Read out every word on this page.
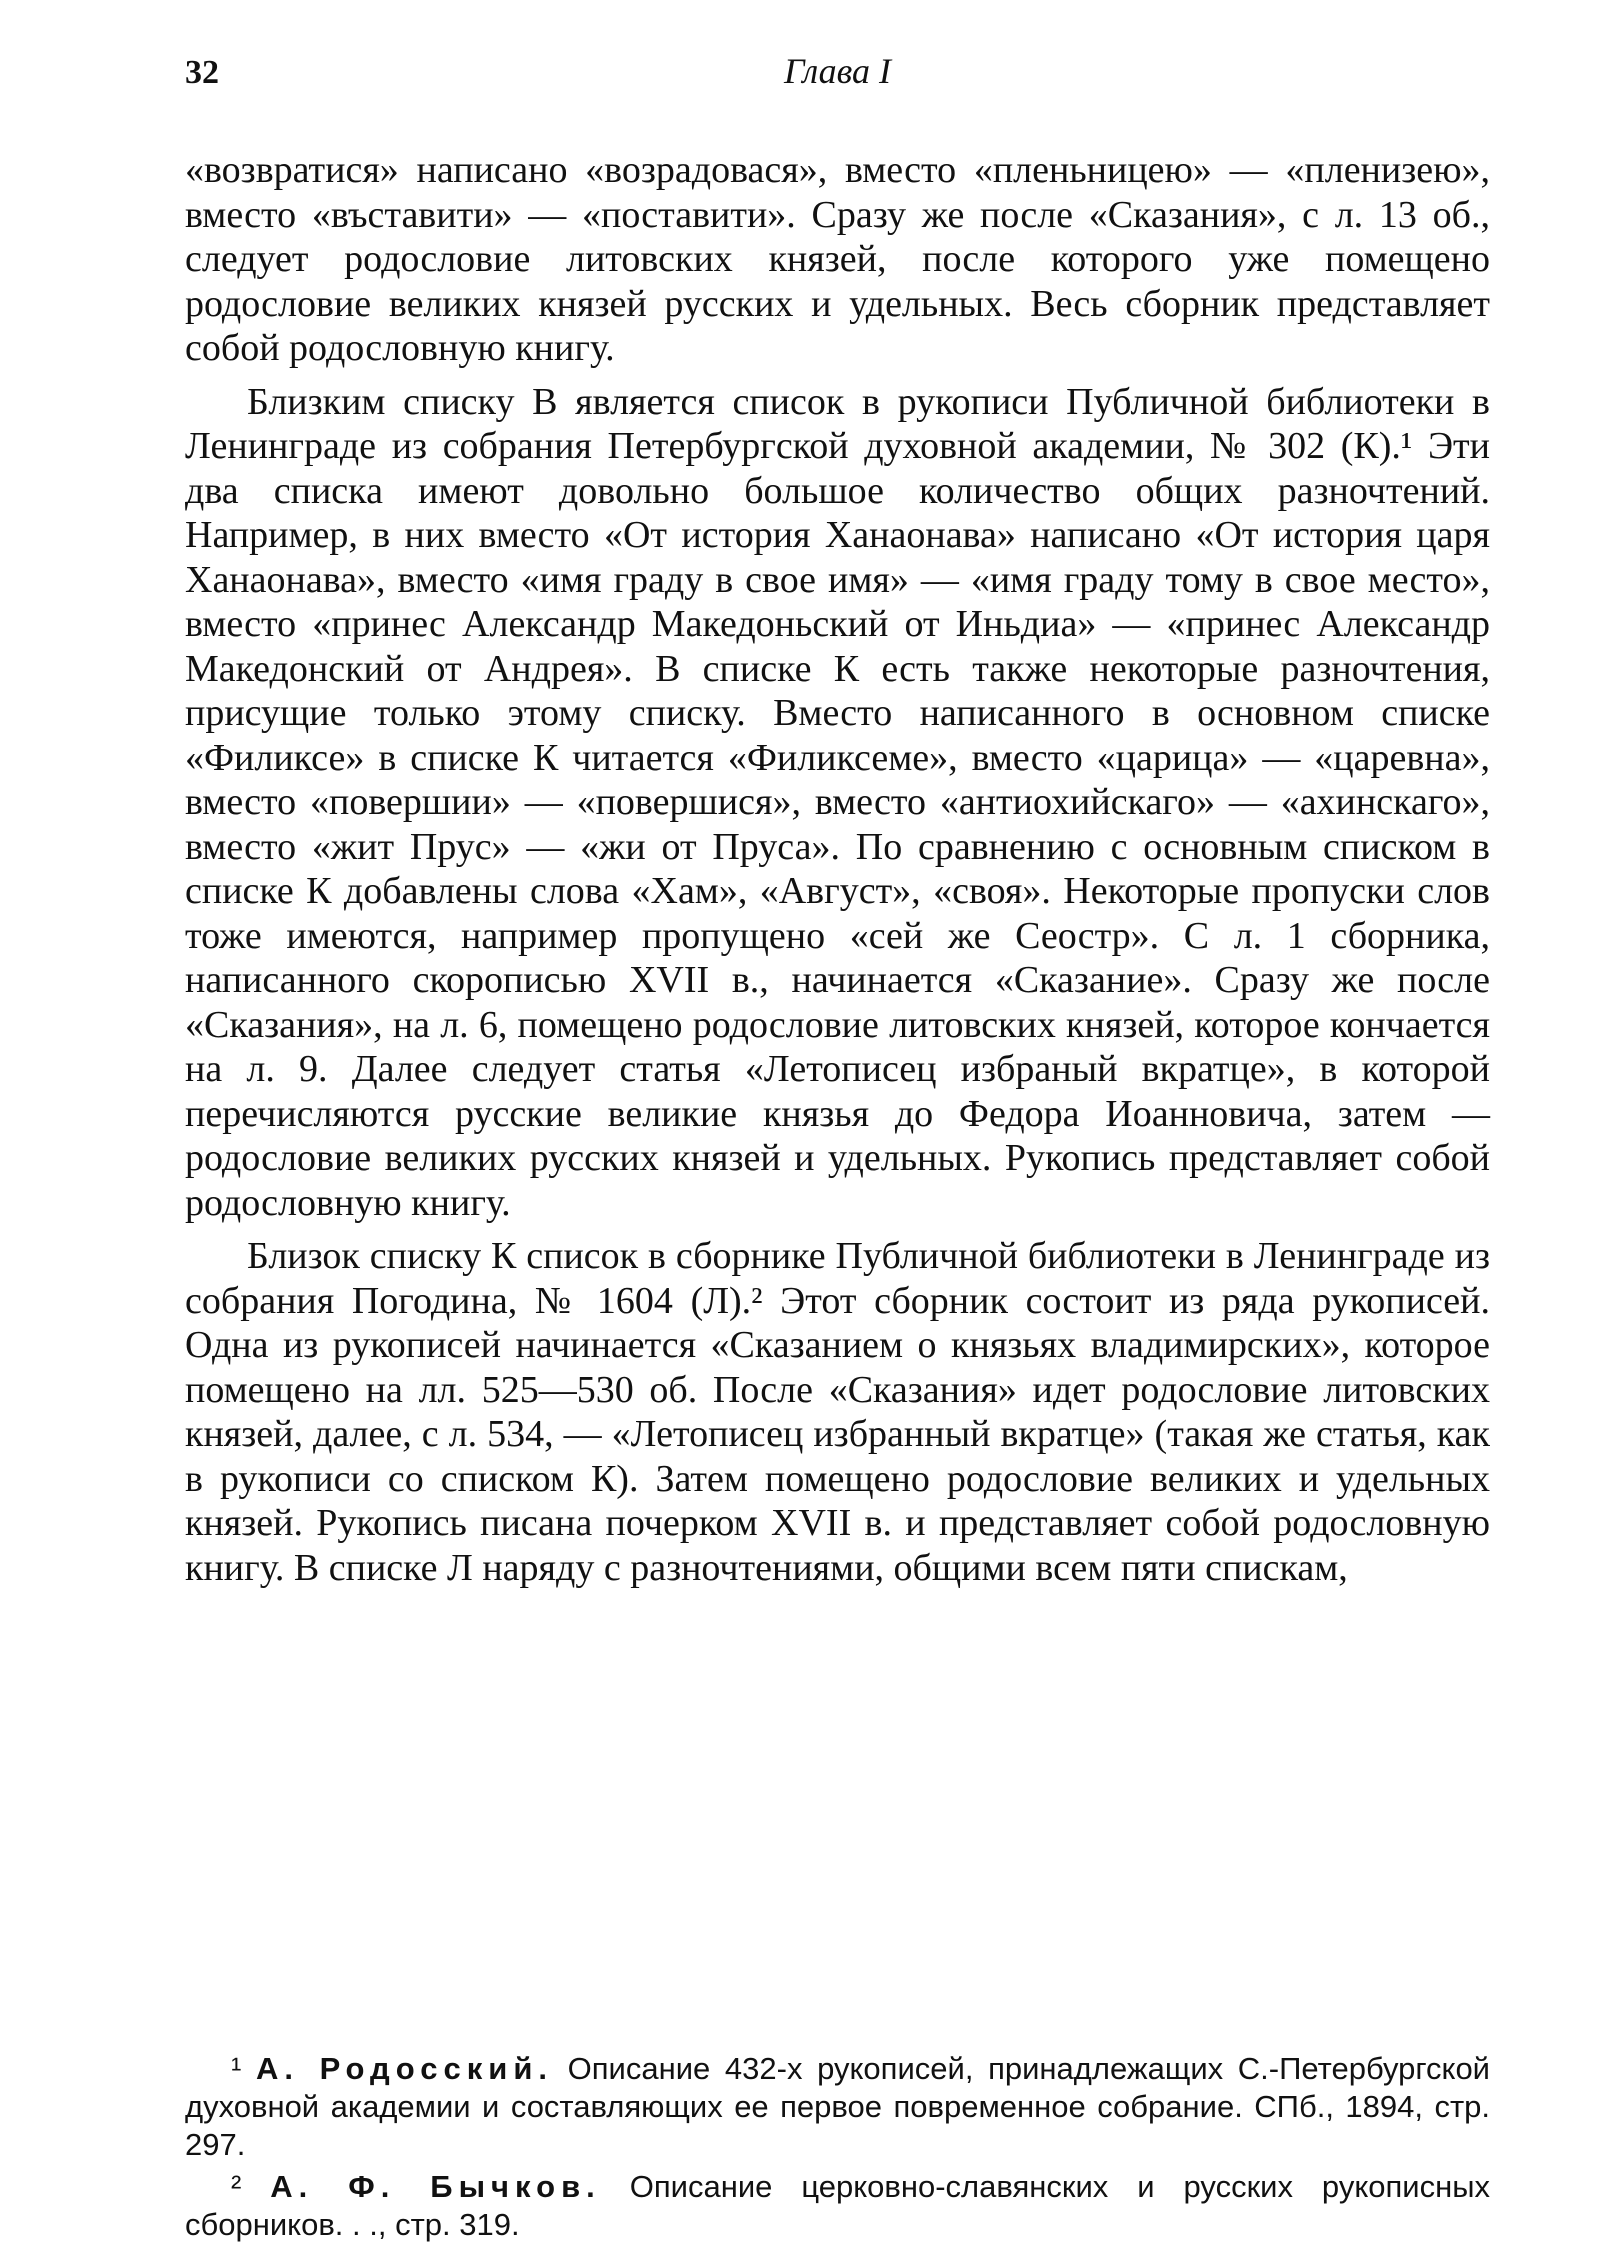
32	Глава I

«возвратися» написано «возрадовася», вместо «пленьницею» — «пленизею», вместо «въставити» — «поставити». Сразу же после «Сказания», с л. 13 об., следует родословие литовских князей, после которого уже помещено родословие великих князей русских и удельных. Весь сборник представляет собой родословную книгу.

Близким списку В является список в рукописи Публичной библиотеки в Ленинграде из собрания Петербургской духовной академии, № 302 (К).¹ Эти два списка имеют довольно большое количество общих разночтений. Например, в них вместо «От история Ханаонава» написано «От история царя Ханаонава», вместо «имя граду в свое имя» — «имя граду тому в свое место», вместо «принес Александр Македоньский от Иньдиа» — «принес Александр Македонский от Андрея». В списке К есть также некоторые разночтения, присущие только этому списку. Вместо написанного в основном списке «Филиксе» в списке К читается «Филиксеме», вместо «царица» — «царевна», вместо «повершии» — «повершися», вместо «антиохийскаго» — «ахинскаго», вместо «жит Прус» — «жи от Пруса». По сравнению с основным списком в списке К добавлены слова «Хам», «Август», «своя». Некоторые пропуски слов тоже имеются, например пропущено «сей же Сеостр». С л. 1 сборника, написанного скорописью XVII в., начинается «Сказание». Сразу же после «Сказания», на л. 6, помещено родословие литовских князей, которое кончается на л. 9. Далее следует статья «Летописец избраный вкратце», в которой перечисляются русские великие князья до Федора Иоанновича, затем — родословие великих русских князей и удельных. Рукопись представляет собой родословную книгу.

Близок списку К список в сборнике Публичной библиотеки в Ленинграде из собрания Погодина, № 1604 (Л).² Этот сборник состоит из ряда рукописей. Одна из рукописей начинается «Сказанием о князьях владимирских», которое помещено на лл. 525—530 об. После «Сказания» идет родословие литовских князей, далее, с л. 534, — «Летописец избранный вкратце» (такая же статья, как в рукописи со списком К). Затем помещено родословие великих и удельных князей. Рукопись писана почерком XVII в. и представляет собой родословную книгу. В списке Л наряду с разночтениями, общими всем пяти спискам,

¹ А. Родосский. Описание 432-х рукописей, принадлежащих С.-Петербургской духовной академии и составляющих ее первое повременное собрание. СПб., 1894, стр. 297.

² А. Ф. Бычков. Описание церковно-славянских и русских рукописных сборников. . ., стр. 319.
